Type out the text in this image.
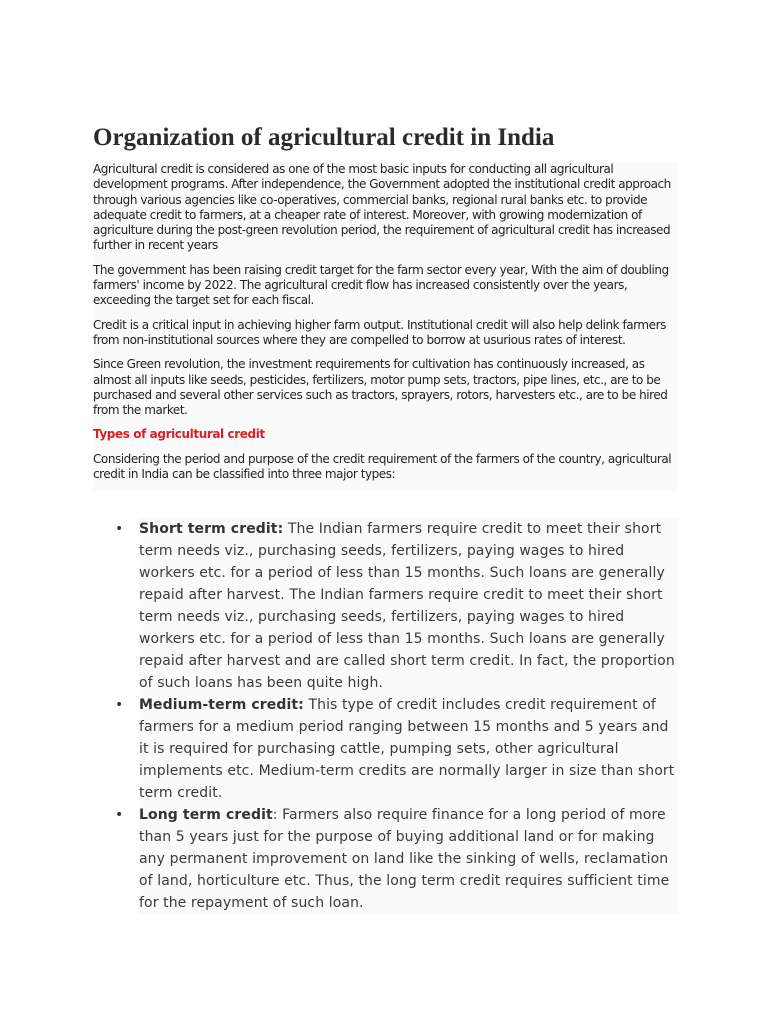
Organization of agricultural credit in India

Agricultural credit is considered as one of the most basic inputs for conducting all agricultural development programs. After independence, the Government adopted the institutional credit approach through various agencies like co-operatives, commercial banks, regional rural banks etc. to provide adequate credit to farmers, at a cheaper rate of interest. Moreover, with growing modernization of agriculture during the post-green revolution period, the requirement of agricultural credit has increased further in recent years

The government has been raising credit target for the farm sector every year, With the aim of doubling farmers' income by 2022. The agricultural credit flow has increased consistently over the years, exceeding the target set for each fiscal.

Credit is a critical input in achieving higher farm output. Institutional credit will also help delink farmers from non-institutional sources where they are compelled to borrow at usurious rates of interest.

Since Green revolution, the investment requirements for cultivation has continuously increased, as almost all inputs like seeds, pesticides, fertilizers, motor pump sets, tractors, pipe lines, etc., are to be purchased and several other services such as tractors, sprayers, rotors, harvesters etc., are to be hired from the market.

Types of agricultural credit

Considering the period and purpose of the credit requirement of the farmers of the country, agricultural credit in India can be classified into three major types:

• Short term credit: The Indian farmers require credit to meet their short term needs viz., purchasing seeds, fertilizers, paying wages to hired workers etc. for a period of less than 15 months. Such loans are generally repaid after harvest. The Indian farmers require credit to meet their short term needs viz., purchasing seeds, fertilizers, paying wages to hired workers etc. for a period of less than 15 months. Such loans are generally repaid after harvest and are called short term credit. In fact, the proportion of such loans has been quite high.
• Medium-term credit: This type of credit includes credit requirement of farmers for a medium period ranging between 15 months and 5 years and it is required for purchasing cattle, pumping sets, other agricultural implements etc. Medium-term credits are normally larger in size than short term credit.
• Long term credit: Farmers also require finance for a long period of more than 5 years just for the purpose of buying additional land or for making any permanent improvement on land like the sinking of wells, reclamation of land, horticulture etc. Thus, the long term credit requires sufficient time for the repayment of such loan.
